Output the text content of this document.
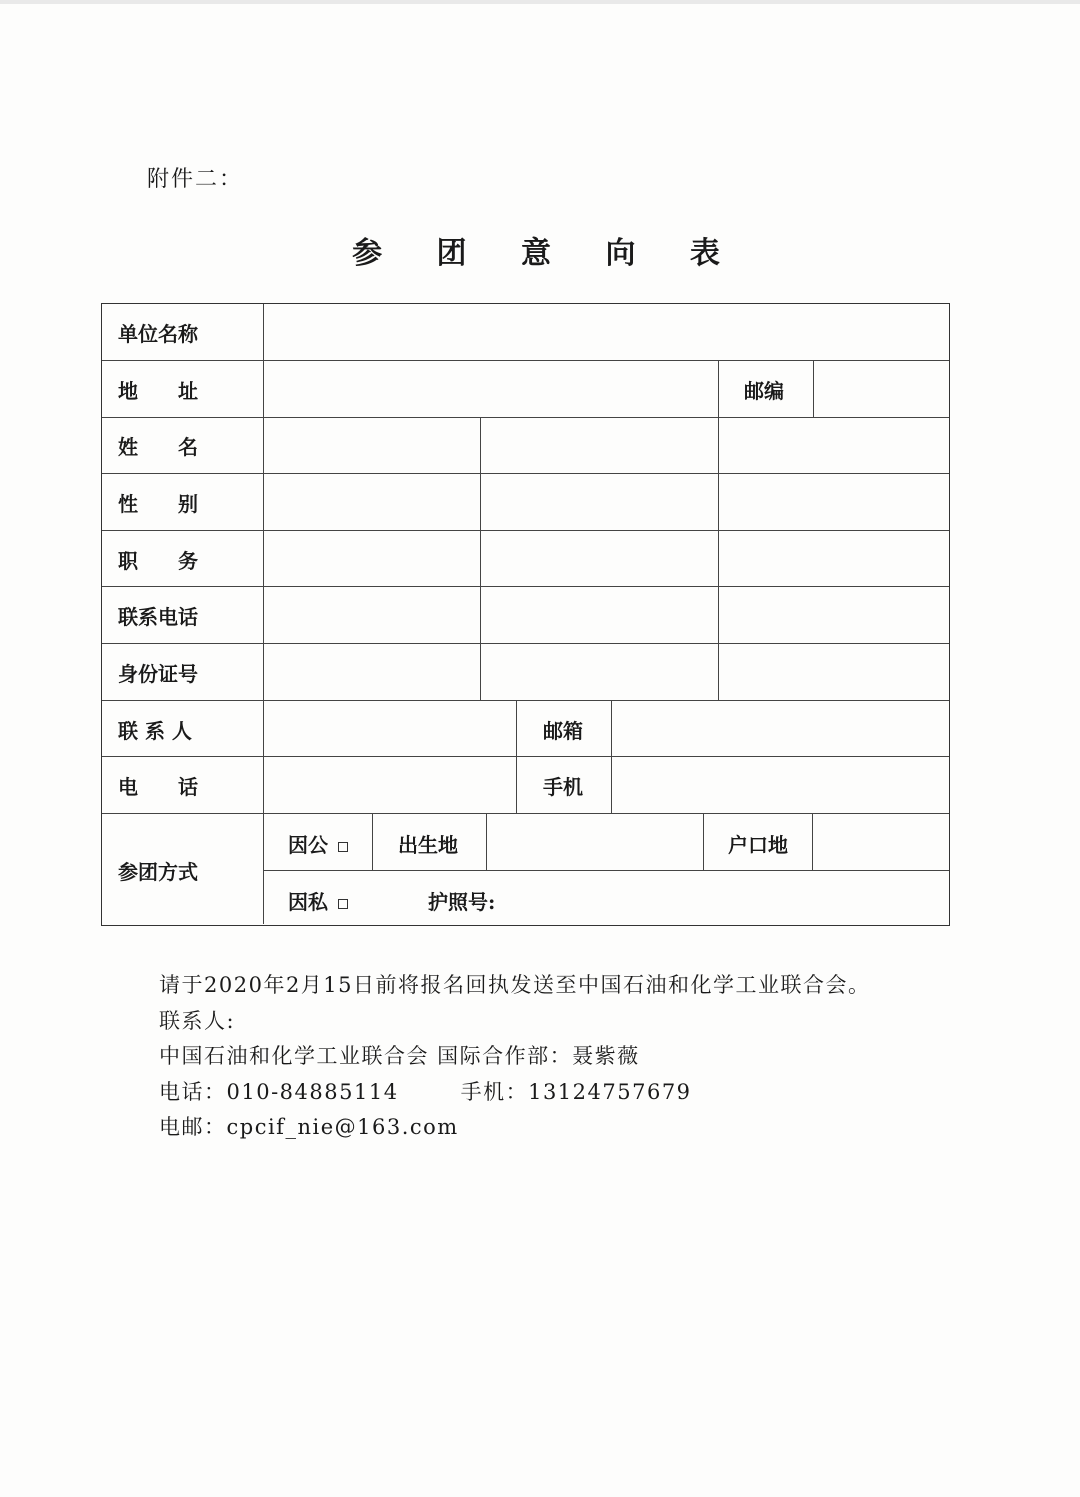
附件二：
参 团 意 向 表
单位名称
地　　址	邮编
姓　　名
性　　别
职　　务
联系电话
身份证号
联 系 人	邮箱
电　　话	手机
参团方式
因公	出生地	户口地
因私	护照号:
请于2020年2月15日前将报名回执发送至中国石油和化学工业联合会。
联系人:
中国石油和化学工业联合会 国际合作部：聂紫薇
电话：010-84885114	手机：13124757679
电邮：cpcif_nie@163.com
